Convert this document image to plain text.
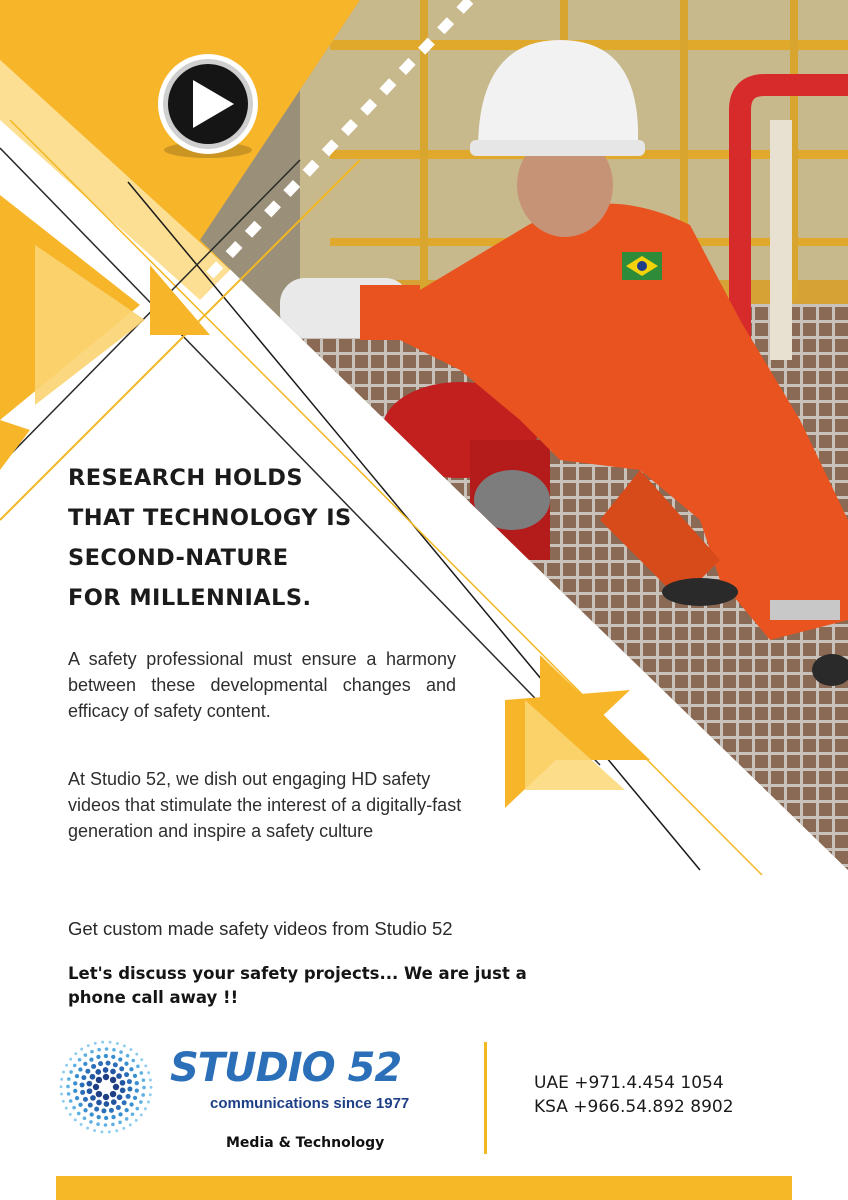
RESEARCH HOLDS
THAT TECHNOLOGY IS
SECOND-NATURE
FOR MILLENNIALS.

A safety professional must ensure a harmony between these developmental changes and efficacy of safety content.

At Studio 52, we dish out engaging HD safety videos that stimulate the interest of a digitally-fast generation and inspire a safety culture

Get custom made safety videos from Studio 52

Let's discuss your safety projects... We are just a phone call away !!

STUDIO 52
communications since 1977
Media & Technology
UAE +971.4.454 1054
KSA +966.54.892 8902
